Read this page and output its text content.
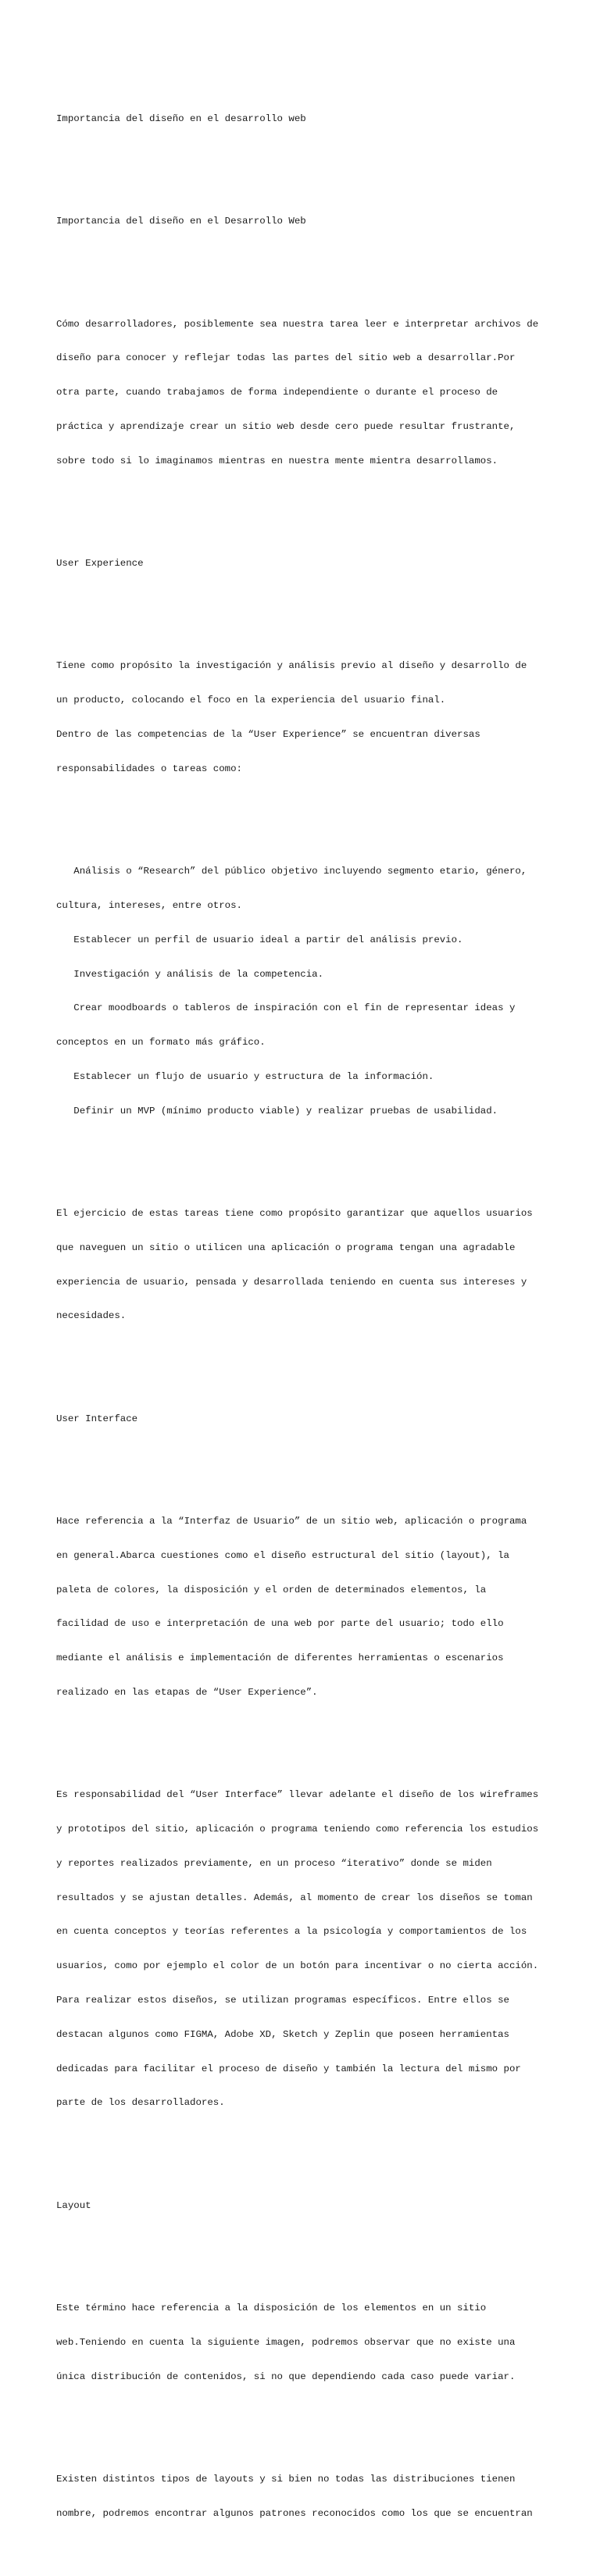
Importancia del diseño en el desarrollo web

Importancia del diseño en el Desarrollo Web

Cómo desarrolladores, posiblemente sea nuestra tarea leer e interpretar archivos de

diseño para conocer y reflejar todas las partes del sitio web a desarrollar.Por

otra parte, cuando trabajamos de forma independiente o durante el proceso de

práctica y aprendizaje crear un sitio web desde cero puede resultar frustrante,

sobre todo si lo imaginamos mientras en nuestra mente mientra desarrollamos.

User Experience

Tiene como propósito la investigación y análisis previo al diseño y desarrollo de

un producto, colocando el foco en la experiencia del usuario final.

Dentro de las competencias de la “User Experience” se encuentran diversas

responsabilidades o tareas como:

Análisis o “Research” del público objetivo incluyendo segmento etario, género,

cultura, intereses, entre otros.

Establecer un perfil de usuario ideal a partir del análisis previo.

Investigación y análisis de la competencia.

Crear moodboards o tableros de inspiración con el fin de representar ideas y

conceptos en un formato más gráfico.

Establecer un flujo de usuario y estructura de la información.

Definir un MVP (mínimo producto viable) y realizar pruebas de usabilidad.

El ejercicio de estas tareas tiene como propósito garantizar que aquellos usuarios

que naveguen un sitio o utilicen una aplicación o programa tengan una agradable

experiencia de usuario, pensada y desarrollada teniendo en cuenta sus intereses y

necesidades.

User Interface

Hace referencia a la “Interfaz de Usuario” de un sitio web, aplicación o programa

en general.Abarca cuestiones como el diseño estructural del sitio (layout), la

paleta de colores, la disposición y el orden de determinados elementos, la

facilidad de uso e interpretación de una web por parte del usuario; todo ello

mediante el análisis e implementación de diferentes herramientas o escenarios

realizado en las etapas de “User Experience”.

Es responsabilidad del “User Interface” llevar adelante el diseño de los wireframes

y prototipos del sitio, aplicación o programa teniendo como referencia los estudios

y reportes realizados previamente, en un proceso “iterativo” donde se miden

resultados y se ajustan detalles. Además, al momento de crear los diseños se toman

en cuenta conceptos y teorías referentes a la psicología y comportamientos de los

usuarios, como por ejemplo el color de un botón para incentivar o no cierta acción.

Para realizar estos diseños, se utilizan programas específicos. Entre ellos se

destacan algunos como FIGMA, Adobe XD, Sketch y Zeplin que poseen herramientas

dedicadas para facilitar el proceso de diseño y también la lectura del mismo por

parte de los desarrolladores.

Layout

Este término hace referencia a la disposición de los elementos en un sitio

web.Teniendo en cuenta la siguiente imagen, podremos observar que no existe una

única distribución de contenidos, si no que dependiendo cada caso puede variar.

Existen distintos tipos de layouts y si bien no todas las distribuciones tienen

nombre, podremos encontrar algunos patrones reconocidos como los que se encuentran
